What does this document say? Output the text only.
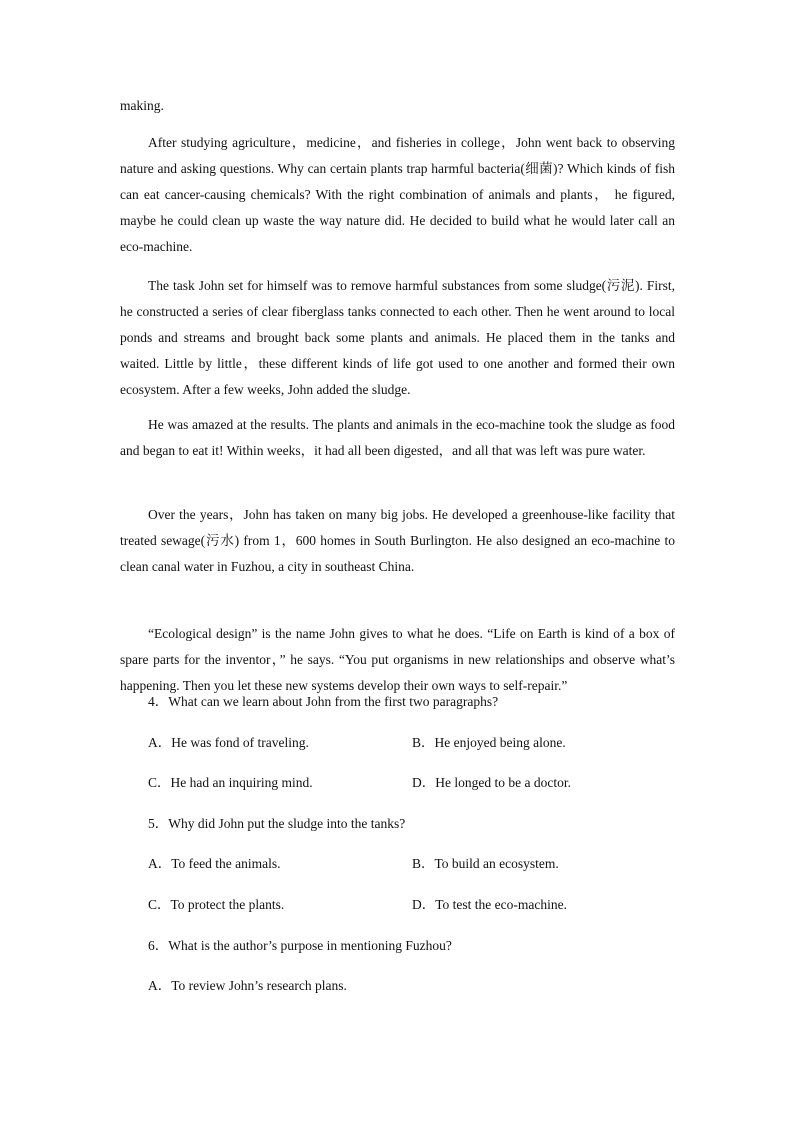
making.
After studying agriculture，medicine，and fisheries in college，John went back to observing nature and asking questions. Why can certain plants trap harmful bacteria(细菌)? Which kinds of fish can eat cancer-causing chemicals? With the right combination of animals and plants， he figured, maybe he could clean up waste the way nature did. He decided to build what he would later call an eco-machine.
The task John set for himself was to remove harmful substances from some sludge(污泥). First, he constructed a series of clear fiberglass tanks connected to each other. Then he went around to local ponds and streams and brought back some plants and animals. He placed them in the tanks and waited. Little by little，these different kinds of life got used to one another and formed their own ecosystem. After a few weeks, John added the sludge.
He was amazed at the results. The plants and animals in the eco-machine took the sludge as food and began to eat it! Within weeks，it had all been digested，and all that was left was pure water.
Over the years，John has taken on many big jobs. He developed a greenhouse-like facility that treated sewage(污水) from 1，600 homes in South Burlington. He also designed an eco-machine to clean canal water in Fuzhou, a city in southeast China.
“Ecological design” is the name John gives to what he does. “Life on Earth is kind of a box of spare parts for the inventor，” he says. “You put organisms in new relationships and observe what’s happening. Then you let these new systems develop their own ways to self-repair.”
4．What can we learn about John from the first two paragraphs?
A．He was fond of traveling.	B．He enjoyed being alone.
C．He had an inquiring mind.	D．He longed to be a doctor.
5．Why did John put the sludge into the tanks?
A．To feed the animals.	B．To build an ecosystem.
C．To protect the plants.	D．To test the eco-machine.
6．What is the author’s purpose in mentioning Fuzhou?
A．To review John’s research plans.
